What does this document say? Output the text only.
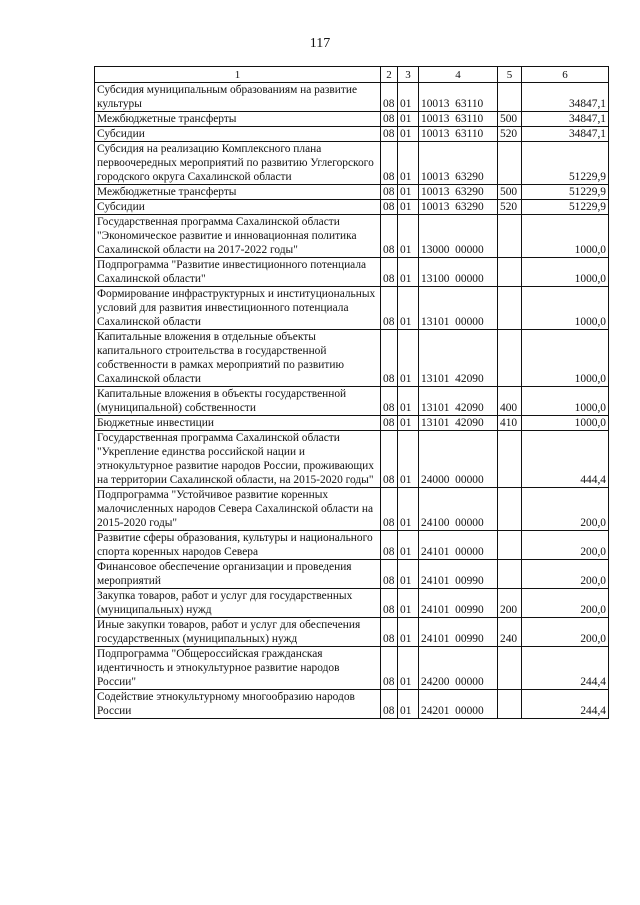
117
1	2	3	4	5	6
Субсидия муниципальным образованиям на развитие культуры	08	01	10013  63110		34847,1
Межбюджетные трансферты	08	01	10013  63110	500	34847,1
Субсидии	08	01	10013  63110	520	34847,1
Субсидия на реализацию Комплексного плана первоочередных мероприятий по развитию Углегорского городского округа Сахалинской области	08	01	10013  63290		51229,9
Межбюджетные трансферты	08	01	10013  63290	500	51229,9
Субсидии	08	01	10013  63290	520	51229,9
Государственная программа Сахалинской области "Экономическое развитие и инновационная политика Сахалинской области на 2017-2022 годы"	08	01	13000  00000		1000,0
Подпрограмма "Развитие инвестиционного потенциала Сахалинской области"	08	01	13100  00000		1000,0
Формирование инфраструктурных и институциональных условий для развития инвестиционного потенциала Сахалинской области	08	01	13101  00000		1000,0
Капитальные вложения в отдельные объекты капитального строительства в государственной собственности в рамках мероприятий по развитию Сахалинской области	08	01	13101  42090		1000,0
Капитальные вложения в объекты государственной (муниципальной) собственности	08	01	13101  42090	400	1000,0
Бюджетные инвестиции	08	01	13101  42090	410	1000,0
Государственная программа Сахалинской области "Укрепление единства российской нации и этнокультурное развитие народов России, проживающих на территории Сахалинской области, на 2015-2020 годы"	08	01	24000  00000		444,4
Подпрограмма "Устойчивое развитие коренных малочисленных народов Севера Сахалинской области на 2015-2020 годы"	08	01	24100  00000		200,0
Развитие сферы образования, культуры и национального спорта коренных народов Севера	08	01	24101  00000		200,0
Финансовое обеспечение организации и проведения мероприятий	08	01	24101  00990		200,0
Закупка товаров, работ и услуг для государственных (муниципальных) нужд	08	01	24101  00990	200	200,0
Иные закупки товаров, работ и услуг для обеспечения государственных (муниципальных) нужд	08	01	24101  00990	240	200,0
Подпрограмма "Общероссийская гражданская идентичность и этнокультурное развитие народов России"	08	01	24200  00000		244,4
Содействие этнокультурному многообразию народов России	08	01	24201  00000		244,4
